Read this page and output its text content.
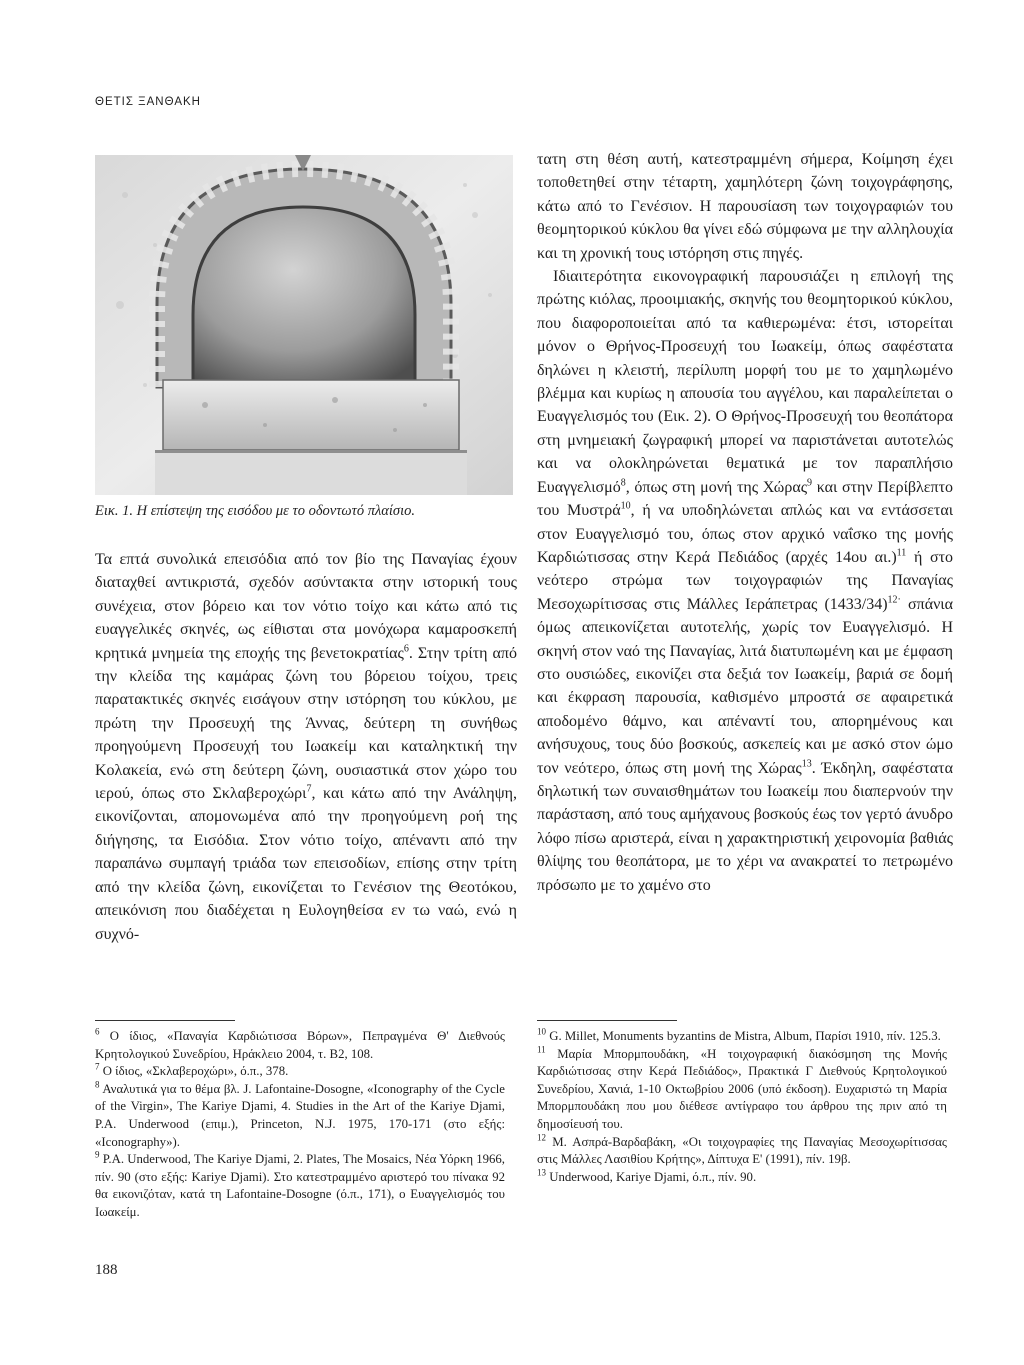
ΘΕΤΙΣ ΞΑΝΘΑΚΗ
Εικ. 1. Η επίστεψη της εισόδου με το οδοντωτό πλαίσιο.

Τα επτά συνολικά επεισόδια από τον βίο της Παναγίας έχουν διαταχθεί αντικριστά, σχεδόν ασύντακτα στην ιστορική τους συνέχεια, στον βόρειο και τον νότιο τοίχο και κάτω από τις ευαγγελικές σκηνές, ως είθισται στα μονόχωρα καμαροσκεπή κρητικά μνημεία της εποχής της βενετοκρατίας$^6$. Στην τρίτη από την κλείδα της καμάρας ζώνη του βόρειου τοίχου, τρεις παρατακτικές σκηνές εισάγουν στην ιστόρηση του κύκλου, με πρώτη την Προσευχή της Άννας, δεύτερη τη συνήθως προηγούμενη Προσευχή του Ιωακείμ και καταληκτική την Κολακεία, ενώ στη δεύτερη ζώνη, ουσιαστικά στον χώρο του ιερού, όπως στο Σκλαβεροχώρι$^7$, και κάτω από την Ανάληψη, εικονίζονται, απομονωμένα από την προηγούμενη ροή της διήγησης, τα Εισόδια. Στον νότιο τοίχο, απέναντι από την παραπάνω συμπαγή τριάδα των επεισοδίων, επίσης στην τρίτη από την κλείδα ζώνη, εικονίζεται το Γενέσιον της Θεοτόκου, απεικόνιση που διαδέχεται η Ευλογηθείσα εν τω ναώ, ενώ η συχνό-

τατη στη θέση αυτή, κατεστραμμένη σήμερα, Κοίμηση έχει τοποθετηθεί στην τέταρτη, χαμηλότερη ζώνη τοιχογράφησης, κάτω από το Γενέσιον. Η παρουσίαση των τοιχογραφιών του θεομητορικού κύκλου θα γίνει εδώ σύμφωνα με την αλληλουχία και τη χρονική τους ιστόρηση στις πηγές.

Ιδιαιτερότητα εικονογραφική παρουσιάζει η επιλογή της πρώτης κιόλας, προοιμιακής, σκηνής του θεομητορικού κύκλου, που διαφοροποιείται από τα καθιερωμένα: έτσι, ιστορείται μόνον ο Θρήνος-Προσευχή του Ιωακείμ, όπως σαφέστατα δηλώνει η κλειστή, περίλυπη μορφή του με το χαμηλωμένο βλέμμα και κυρίως η απουσία του αγγέλου, και παραλείπεται ο Ευαγγελισμός του (Εικ. 2). Ο Θρήνος-Προσευχή του θεοπάτορα στη μνημειακή ζωγραφική μπορεί να παριστάνεται αυτοτελώς και να ολοκληρώνεται θεματικά με τον παραπλήσιο Ευαγγελισμό$^8$, όπως στη μονή της Χώρας$^9$ και στην Περίβλεπτο του Μυστρά$^{10}$, ή να υποδηλώνεται απλώς και να εντάσσεται στον Ευαγγελισμό του, όπως στον αρχικό ναΐσκο της μονής Καρδιώτισσας στην Κερά Πεδιάδος (αρχές 14ου αι.)$^{11}$ ή στο νεότερο στρώμα των τοιχογραφιών της Παναγίας Μεσοχωρίτισσας στις Μάλλες Ιεράπετρας $(1433/34)^{12\cdot}$ σπάνια όμως απεικονίζεται αυτοτελής, χωρίς τον Ευαγγελισμό. Η σκηνή στον ναό της Παναγίας, λιτά διατυπωμένη και με έμφαση στο ουσιώδες, εικονίζει στα δεξιά τον Ιωακείμ, βαριά σε δομή και έκφραση παρουσία, καθισμένο μπροστά σε αφαιρετικά αποδομένο θάμνο, και απέναντί του, απορημένους και ανήσυχους, τους δύο βοσκούς, ασκεπείς και με ασκό στον ώμο τον νεότερο, όπως στη μονή της Χώρας$^{13}$. Έκδηλη, σαφέστατα δηλωτική των συναισθημάτων του Ιωακείμ που διαπερνούν την παράσταση, από τους αμήχανους βοσκούς έως τον γερτό άνυδρο λόφο πίσω αριστερά, είναι η χαρακτηριστική χειρονομία βαθιάς θλίψης του θεοπάτορα, με το χέρι να ανακρατεί το πετρωμένο πρόσωπο με το χαμένο στο

$^6$ Ο ίδιος, «Παναγία Καρδιώτισσα Βόρων», Πεπραγμένα Θ' Διεθνούς Κρητολογικού Συνεδρίου, Ηράκλειο 2004, τ. Β2, 108.

$^7$ Ο ίδιος, «Σκλαβεροχώρι», ό.π., 378.

$^8$ Αναλυτικά για το θέμα βλ. J. Lafontaine-Dosogne, «Iconography of the Cycle of the Virgin», The Kariye Djami, 4. Studies in the Art of the Kariye Djami, P.A. Underwood (επιμ.), Princeton, N.J. 1975, 170-171 (στο εξής: «Iconography»).

$^9$ P.A. Underwood, The Kariye Djami, 2. Plates, The Mosaics, Νέα Υόρκη 1966, πίν. 90 (στο εξής: Kariye Djami). Στο κατεστραμμένο αριστερό του πίνακα 92 θα εικονιζόταν, κατά τη Lafontaine-Dosogne (ό.π., 171), ο Ευαγγελισμός του Ιωακείμ.

$^{10}$ G. Millet, Monuments byzantins de Mistra, Album, Παρίσι 1910, πίν. 125.3.

$^{11}$ Μαρία Μπορμπουδάκη, «Η τοιχογραφική διακόσμηση της Μονής Καρδιώτισσας στην Κερά Πεδιάδος», Πρακτικά Γ Διεθνούς Κρητολογικού Συνεδρίου, Χανιά, 1-10 Οκτωβρίου 2006 (υπό έκδοση). Ευχαριστώ τη Μαρία Μπορμπουδάκη που μου διέθεσε αντίγραφο του άρθρου της πριν από τη δημοσίευσή του.

$^{12}$ Μ. Ασπρά-Βαρδαβάκη, «Οι τοιχογραφίες της Παναγίας Μεσοχωρίτισσας στις Μάλλες Λασιθίου Κρήτης», Δίπτυχα Ε' (1991), πίν. 19β.

$^{13}$ Underwood, Kariye Djami, ό.π., πίν. 90.

188
